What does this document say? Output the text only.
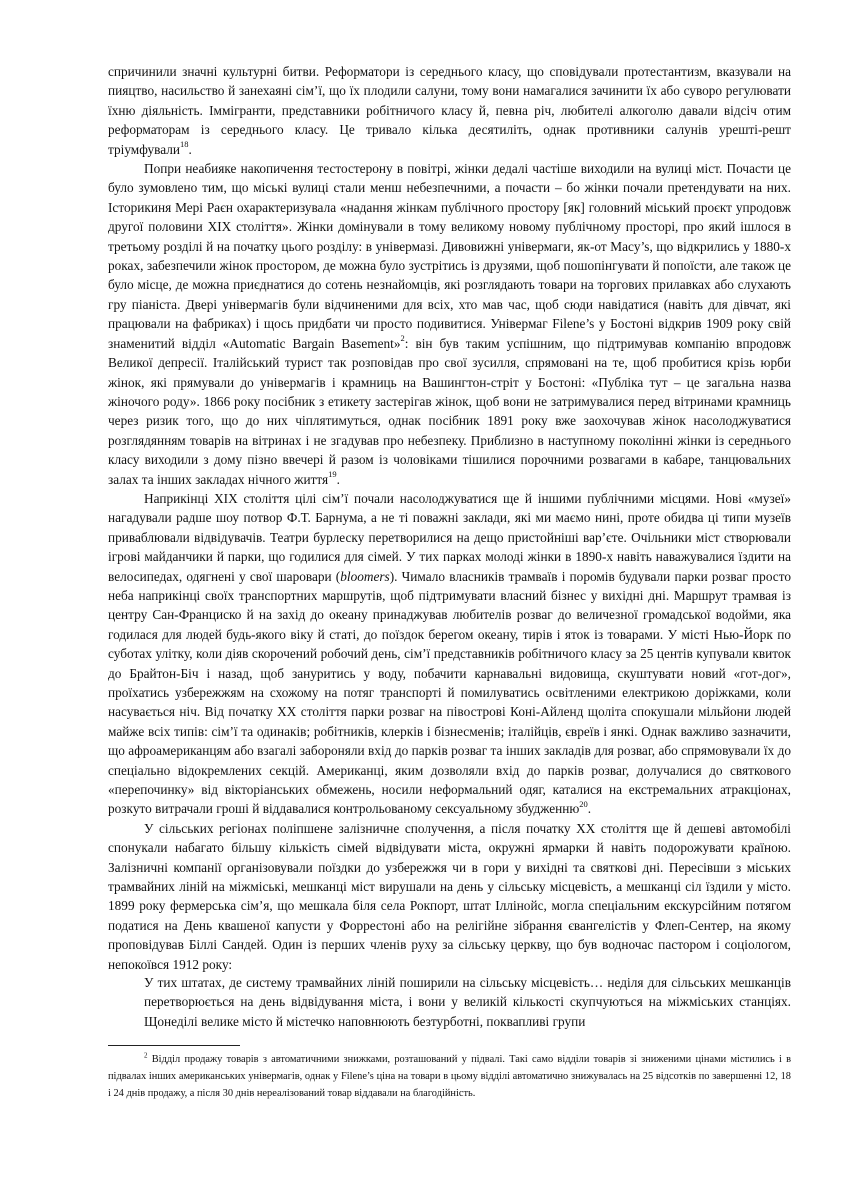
спричинили значні культурні битви. Реформатори із середнього класу, що сповідували протестантизм, вказували на пияцтво, насильство й занехаяні сім’ї, що їх плодили салуни, тому вони намагалися зачинити їх або суворо регулювати їхню діяльність. Іммігранти, представники робітничого класу й, певна річ, любителі алкоголю давали відсіч отим реформаторам із середнього класу. Це тривало кілька десятиліть, однак противники салунів урешті-решт тріумфували$^{18}$.

Попри неабияке накопичення тестостерону в повітрі, жінки дедалі частіше виходили на вулиці міст. Почасти це було зумовлено тим, що міські вулиці стали менш небезпечними, а почасти – бо жінки почали претендувати на них. Історикиня Мері Раєн охарактеризувала «надання жінкам публічного простору [як] головний міський проєкт упродовж другої половини ХІХ століття». Жінки домінували в тому великому новому публічному просторі, про який ішлося в третьому розділі й на початку цього розділу: в універмазі. Дивовижні універмаги, як-от Macy’s, що відкрились у 1880-х роках, забезпечили жінок простором, де можна було зустрітись із друзями, щоб пошопінгувати й попоїсти, але також це було місце, де можна приєднатися до сотень незнайомців, які розглядають товари на торгових прилавках або слухають гру піаніста. Двері універмагів були відчиненими для всіх, хто мав час, щоб сюди навідатися (навіть для дівчат, які працювали на фабриках) і щось придбати чи просто подивитися. Універмаг Filene’s у Бостоні відкрив 1909 року свій знаменитий відділ «Automatic Bargain Basement»$^2$: він був таким успішним, що підтримував компанію впродовж Великої депресії. Італійський турист так розповідав про свої зусилля, спрямовані на те, щоб пробитися крізь юрби жінок, які прямували до універмагів і крамниць на Вашингтон-стріт у Бостоні: «Публіка тут – це загальна назва жіночого роду». 1866 року посібник з етикету застерігав жінок, щоб вони не затримувалися перед вітринами крамниць через ризик того, що до них чіплятимуться, однак посібник 1891 року вже заохочував жінок насолоджуватися розглядянням товарів на вітринах і не згадував про небезпеку. Приблизно в наступному поколінні жінки із середнього класу виходили з дому пізно ввечері й разом із чоловіками тішилися порочними розвагами в кабаре, танцювальних залах та інших закладах нічного життя$^{19}$.

Наприкінці ХІХ століття цілі сім’ї почали насолоджуватися ще й іншими публічними місцями. Нові «музеї» нагадували радше шоу потвор Ф.Т. Барнума, а не ті поважні заклади, які ми маємо нині, проте обидва ці типи музеїв приваблювали відвідувачів. Театри бурлеску перетворилися на дещо пристойніші вар’єте. Очільники міст створювали ігрові майданчики й парки, що годилися для сімей. У тих парках молоді жінки в 1890-х навіть наважувалися їздити на велосипедах, одягнені у свої шаровари (bloomers). Чимало власників трамваїв і поромів будували парки розваг просто неба наприкінці своїх транспортних маршрутів, щоб підтримувати власний бізнес у вихідні дні. Маршрут трамвая із центру Сан-Франциско й на захід до океану принаджував любителів розваг до величезної громадської водойми, яка годилася для людей будь-якого віку й статі, до поїздок берегом океану, тирів і яток із товарами. У місті Нью-Йорк по суботах улітку, коли діяв скорочений робочий день, сім’ї представників робітничого класу за 25 центів купували квиток до Брайтон-Біч і назад, щоб зануритись у воду, побачити карнавальні видовища, скуштувати новий «гот-дог», проїхатись узбережжям на схожому на потяг транспорті й помилуватись освітленими електрикою доріжками, коли насувається ніч. Від початку ХХ століття парки розваг на півострові Коні-Айленд щоліта спокушали мільйони людей майже всіх типів: сім’ї та одинаків; робітників, клерків і бізнесменів; італійців, євреїв і янкі. Однак важливо зазначити, що афроамериканцям або взагалі забороняли вхід до парків розваг та інших закладів для розваг, або спрямовували їх до спеціально відокремлених секцій. Американці, яким дозволяли вхід до парків розваг, долучалися до святкового «перепочинку» від вікторіанських обмежень, носили неформальний одяг, каталися на екстремальних атракціонах, розкуто витрачали гроші й віддавалися контрольованому сексуальному збудженню$^{20}$.

У сільських регіонах поліпшене залізничне сполучення, а після початку ХХ століття ще й дешеві автомобілі спонукали набагато більшу кількість сімей відвідувати міста, окружні ярмарки й навіть подорожувати країною. Залізничні компанії організовували поїздки до узбережжя чи в гори у вихідні та святкові дні. Пересівши з міських трамвайних ліній на міжміські, мешканці міст вирушали на день у сільську місцевість, а мешканці сіл їздили у місто. 1899 року фермерська сім’я, що мешкала біля села Рокпорт, штат Іллінойс, могла спеціальним екскурсійним потягом податися на День квашеної капусти у Форрестоні або на релігійне зібрання євангелістів у Флеп-Сентер, на якому проповідував Біллі Сандей. Один із перших членів руху за сільську церкву, що був водночас пастором і соціологом, непокоївся 1912 року:

У тих штатах, де систему трамвайних ліній поширили на сільську місцевість… неділя для сільських мешканців перетворюється на день відвідування міста, і вони у великій кількості скупчуються на міжміських станціях. Щонеділі велике місто й містечко наповнюють безтурботні, поквапливі групи

$^2$ Відділ продажу товарів з автоматичними знижками, розташований у підвалі. Такі само відділи товарів зі зниженими цінами містились і в підвалах інших американських універмагів, однак у Filene’s ціна на товари в цьому відділі автоматично знижувалась на 25 відсотків по завершенні 12, 18 і 24 днів продажу, а після 30 днів нереалізований товар віддавали на благодійність.
